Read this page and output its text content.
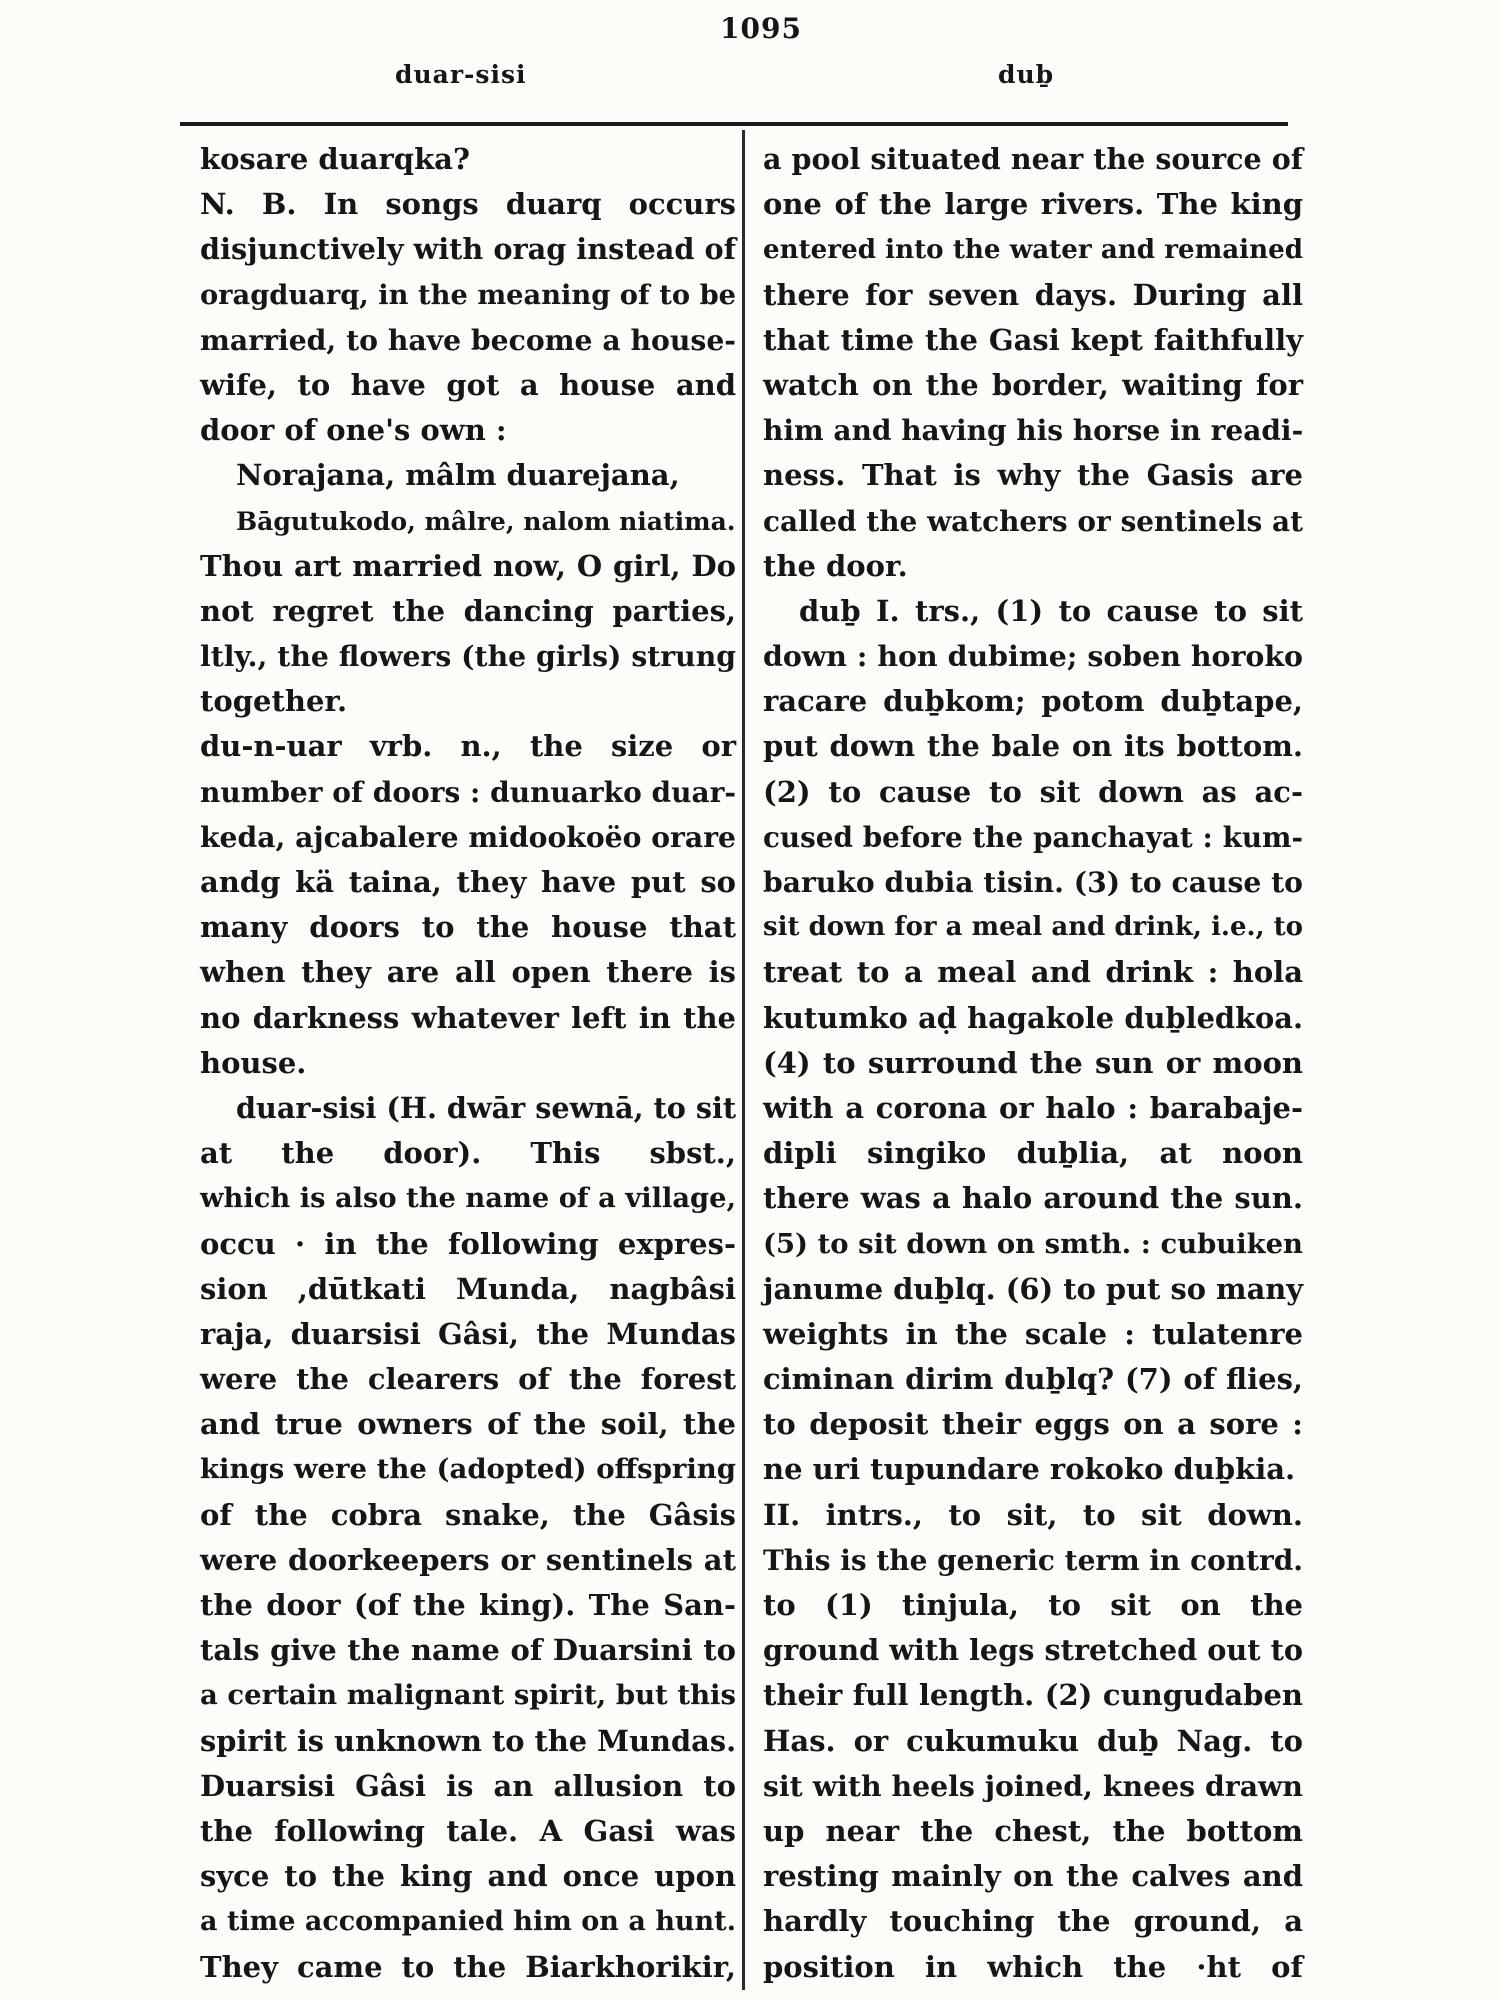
1095
duar-sisi	duḇ
kosare duarqka?
N. B. In songs duarq occurs
disjunctively with orag instead of
oragduarq, in the meaning of to be
married, to have become a house-
wife, to have got a house and
door of one's own :
Norajana, mâlm duarejana,
Bāgutukodo, mâlre, nalom niatima.
Thou art married now, O girl, Do
not regret the dancing parties,
ltly., the flowers (the girls) strung
together.
du-n-uar vrb. n., the size or
number of doors : dunuarko duar-
keda, ajcabalere midookoëo orare
andg kä taina, they have put so
many doors to the house that
when they are all open there is
no darkness whatever left in the
house.
duar-sisi (H. dwār sewnā, to sit
at the door). This sbst.,
which is also the name of a village,
occu · in the following expres-
sion ,dūtkati Munda, nagbâsi
raja, duarsisi Gâsi, the Mundas
were the clearers of the forest
and true owners of the soil, the
kings were the (adopted) offspring
of the cobra snake, the Gâsis
were doorkeepers or sentinels at
the door (of the king). The San-
tals give the name of Duarsini to
a certain malignant spirit, but this
spirit is unknown to the Mundas.
Duarsisi Gâsi is an allusion to
the following tale. A Gasi was
syce to the king and once upon
a time accompanied him on a hunt.
They came to the Biarkhorikir,
a pool situated near the source of
one of the large rivers. The king
entered into the water and remained
there for seven days. During all
that time the Gasi kept faithfully
watch on the border, waiting for
him and having his horse in readi-
ness. That is why the Gasis are
called the watchers or sentinels at
the door.
duḇ I. trs., (1) to cause to sit
down : hon dubime; soben horoko
racare duḇkom; potom duḇtape,
put down the bale on its bottom.
(2) to cause to sit down as ac-
cused before the panchayat : kum-
baruko dubia tisin. (3) to cause to
sit down for a meal and drink, i.e., to
treat to a meal and drink : hola
kutumko aḍ hagakole duḇledkoa.
(4) to surround the sun or moon
with a corona or halo : barabaje-
dipli singiko duḇlia, at noon
there was a halo around the sun.
(5) to sit down on smth. : cubuiken
janume duḇlq. (6) to put so many
weights in the scale : tulatenre
ciminan dirim duḇlq? (7) of flies,
to deposit their eggs on a sore :
ne uri tupundare rokoko duḇkia.
II. intrs., to sit, to sit down.
This is the generic term in contrd.
to (1) tinjula, to sit on the
ground with legs stretched out to
their full length. (2) cungudaben
Has. or cukumuku duḇ Nag. to
sit with heels joined, knees drawn
up near the chest, the bottom
resting mainly on the calves and
hardly touching the ground, a
position in which the ·ht of
